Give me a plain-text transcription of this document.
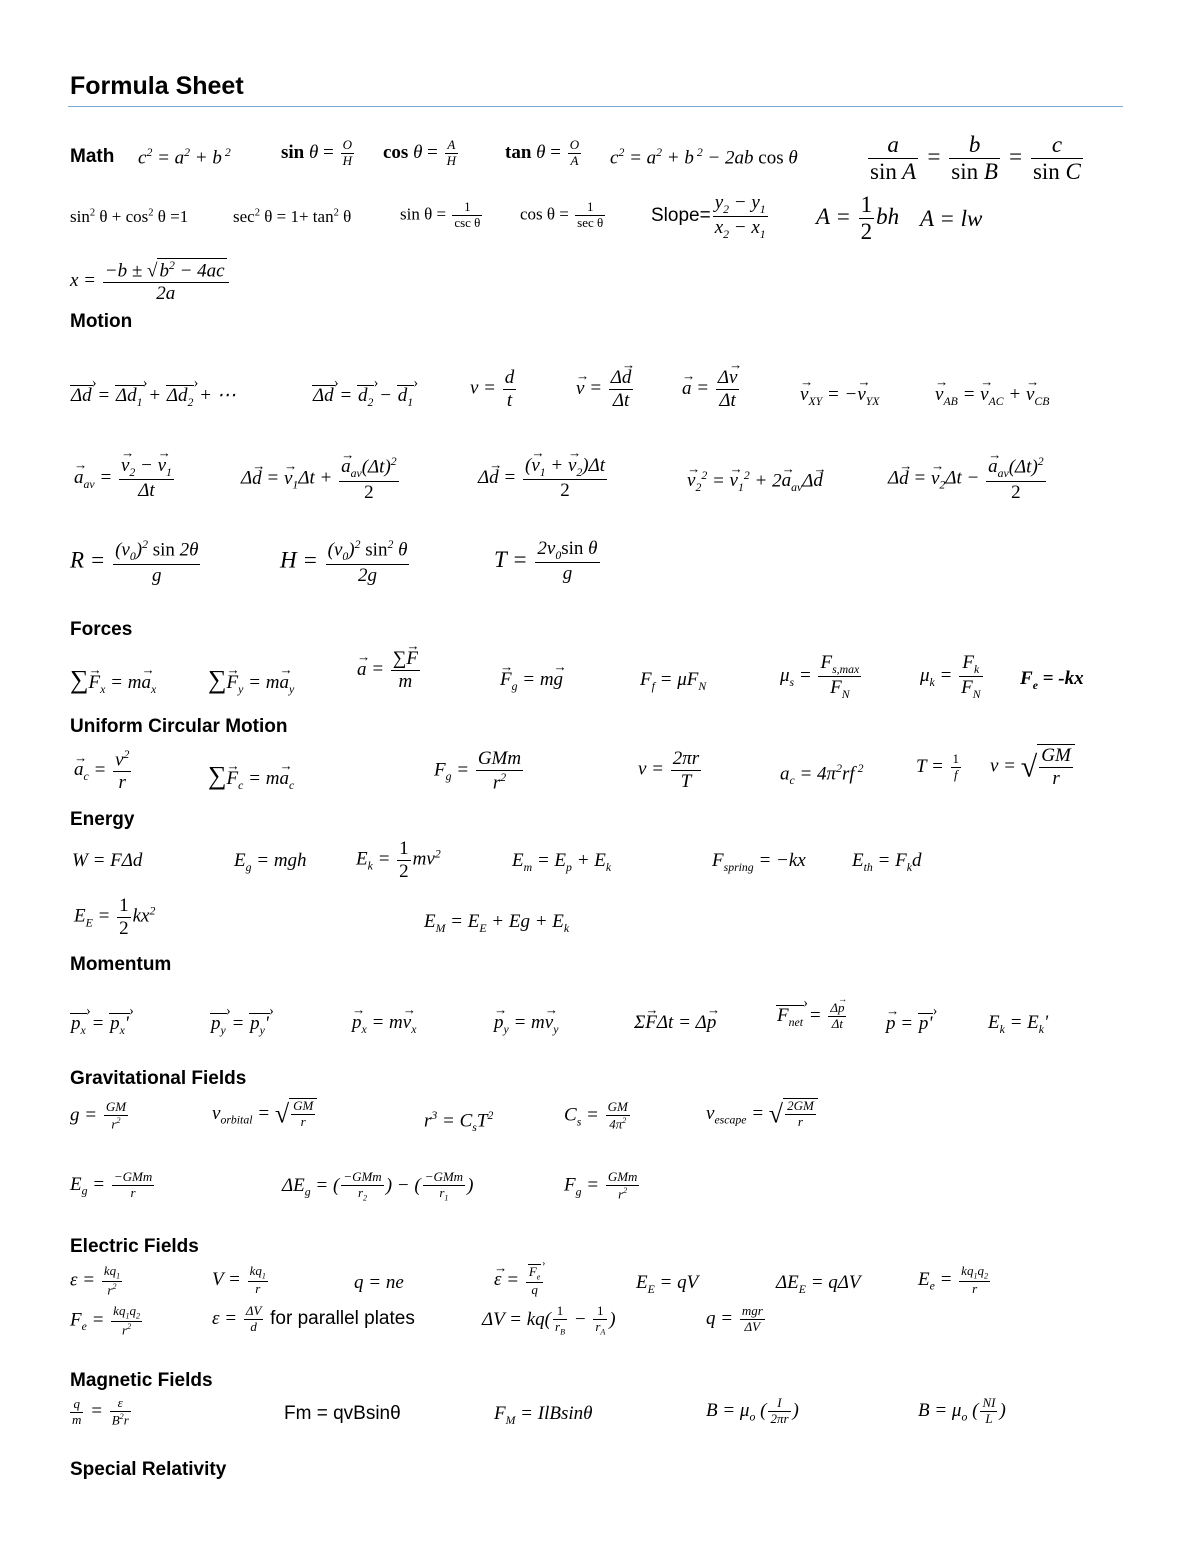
Formula Sheet
Math $c^2 = a^2 + b$ $^2$	$\sin \theta = \frac{O}{H}$ $\cos \theta = \frac{A}{H}$ $\tan \theta = \frac{O}{A} c^2 = a^2 + b$ $^2$ − 2ab cos θ	$\frac{a}{\text{sin A}} = \frac{b}{\text{sin B}} = \frac{c}{\text{sin C}}$
$\sin^2 \theta + \cos^2 \theta =1$	$\sec^2 \theta = 1+ \tan^2 \theta$	$\sin \theta = \frac{1}{\text{csc θ}}$ $\cos \theta = \frac{1}{\text{sec θ}}$ Slope= $\frac{y_2 - y_1}{x_2 - x_1}$ $A = \frac{1}{2}$ bh A = lw
$x = \frac{-b \pm √ b^2 - 4ac}{2a}$
Motion
Δd › = $\Delta d_1$ › + $\Delta d_2$ › + ⋯	Δd › = $d_2$ › − $d_1$ ›
$v = \frac{d}{t}$
→	$v = \frac{\Delta\to d}{\Delta t}$
→	$a = \frac{\Delta\to v}{\Delta t}$
→	$v_{XY}$ = −→ $v_{YX}$
→	$v_{AB}$ = → $v_{AC}$ + → $v_{CB}$
→ $a_{av}$ =
→ $\frac{v_2 - \to v_1}{\Delta t}$	Δ→ d = → $v_1\Delta t$ +
→ $\frac{a_{av}(\Delta t)^2}{2}$	$\Delta\to d = \frac{(\to v_1 + \to v_2)\Delta t}{2}$
→	$v_2^2$ = → $v_1^2 + 2\to a_{av}\Delta\to d$	Δ→ d = → $v_2\Delta t$ −
→ $\frac{a_{av}(\Delta t)^2}{2}$
$R = \frac{(v_0)^2 \sin 2\theta}{g}$	$H = \frac{(v_0)^2 \sin^2 \theta}{2g}$	$T = \frac{2v_0\sin \theta}{g}$
Forces
∑→ $F_x = m\to a_x$ ∑→ $F_y = m\to a_y$
→ $a = \frac{\sum\to F}{m}$
→	$F_g = m\to g$	$F_f = \mu F_N$
$\mu_s = \frac{F_{s,max}}{F_N}$	$\mu_k = \frac{F_k}{F_N} F_e = -kx$
Uniform Circular Motion
→ $a_c = \frac{v^2}{r}$	∑→ $F_c = m\to a_c$
$F_g = \frac{\text{GMm}}{r^2}$	$v = \frac{2\pi r}{T}$	$a_c = 4\pi^2rf$ $^2$	$T = \frac{1}{f}$ v = √ $\frac{GM}{r}$
Energy
W = FΔd	$E_g$ = mgh	$E_k = \frac{1}{2} mv^2$	$E_m = E_p + E_k$	$F_{spring} = -kx$ $E_{th} = F_kd$
$E_E = \frac{1}{2} kx^2$
$E_M = E_E + Eg + E_k$
Momentum
$p_x$ › = $p_x'$ ›	$p_y$ › = $p_y'$ ›
→	$p_x = m\to v_x$
→	$p_y = m\to v_y$	Σ→ FΔt = Δ→ p	$F_{net}$ › = $\frac{\Delta\to p}{\Delta t}$
→ p = p' ›	$E_k = E_k'$
Gravitational Fields
$g = \frac{GM}{r^2}$	$v_{orbital}$ = √ $\frac{GM}{r}$	$r^3 = C_sT^2$	$C_s = \frac{GM}{4\pi^2}$	$v_{escape}$ = √ $\frac{2GM}{r}$
$E_g = \frac{\text{−GMm}}{r}$	$\Delta E_g$ = ( $\frac{\text{−GMm}}{r_2}$ ) − ( $\frac{\text{−GMm}}{r_1}$ )	$F_g = \frac{\text{GMm}}{r^2}$
Electric Fields
$\varepsilon = \frac{kq_1}{r^2}$	$V = \frac{kq_1}{r}$	q = ne
→	$\varepsilon = \frac{F_e ›}{q}$	$E_E$ = qV	$\Delta E_E = q\Delta V$	$E_e = \frac{kq_1q_2}{r}$
$F_e = \frac{kq_1q_2}{r^2}$	$\varepsilon = \frac{\Delta V}{d}$ for parallel plates	$\Delta V = kq( \frac{1}{r_B} - \frac{1}{r_A}$ )	$q = \frac{\text{mgr}}{\Delta V}$
Magnetic Fields
$\frac{q}{m} = \frac{\varepsilon}{B^2r}$	Fm = qvBsinθ	$F_M = IlBsin\theta$	$B = \mu_o$ ( $\frac{I}{2\pi r}$ )	$B = \mu_o$ ( $\frac{NI}{L}$ )
Special Relativity
